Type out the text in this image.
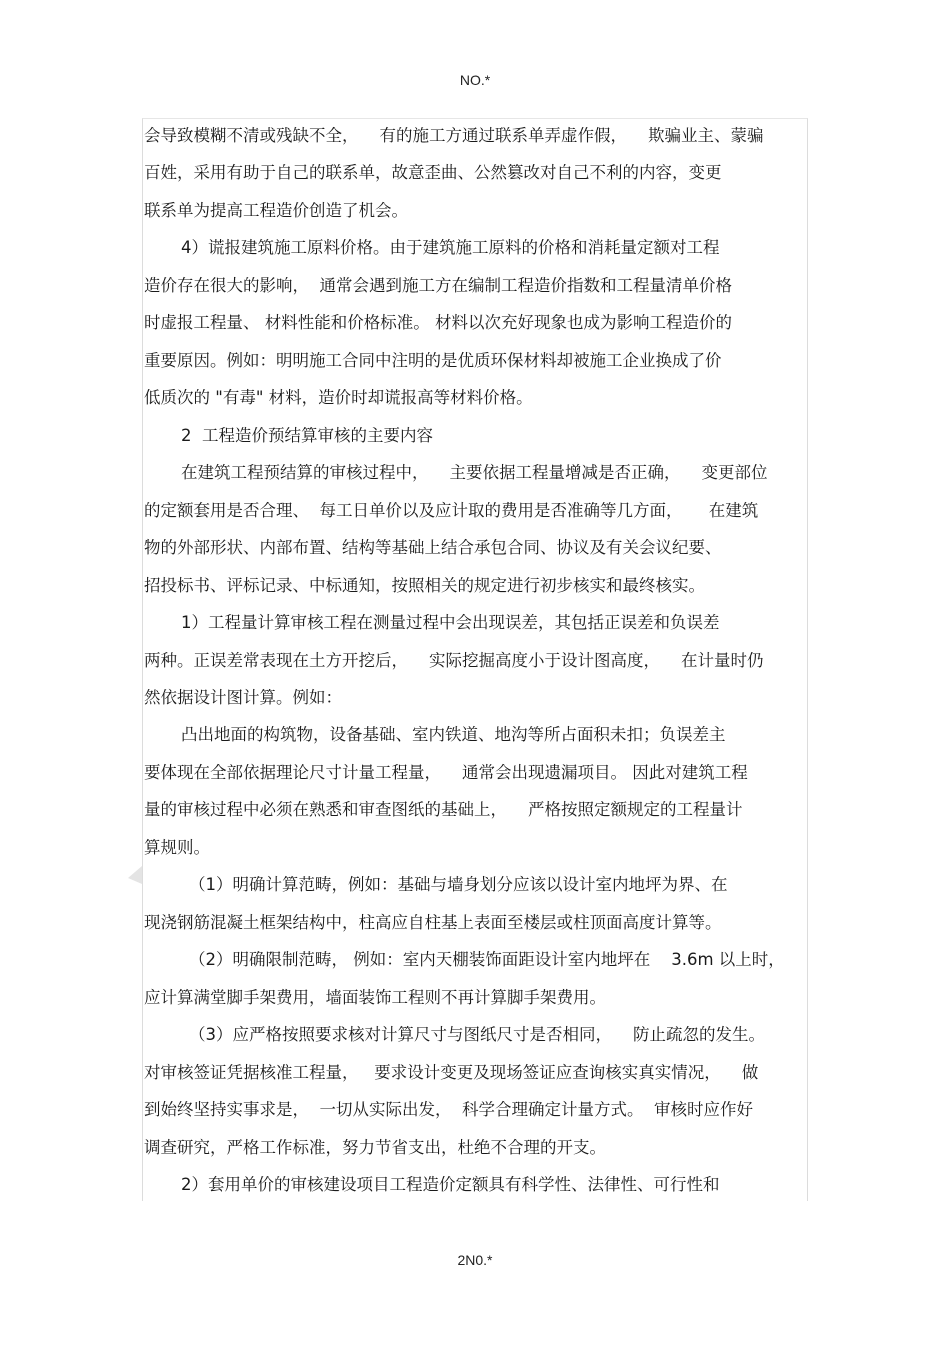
NO.*
会导致模糊不清或残缺不全，    有的施工方通过联系单弄虚作假，    欺骗业主、蒙骗
百姓，采用有助于自己的联系单，故意歪曲、公然篡改对自己不利的内容，变更
联系单为提高工程造价创造了机会。
4）谎报建筑施工原料价格。由于建筑施工原料的价格和消耗量定额对工程
造价存在很大的影响，  通常会遇到施工方在编制工程造价指数和工程量清单价格
时虚报工程量、 材料性能和价格标准。 材料以次充好现象也成为影响工程造价的
重要原因。例如：明明施工合同中注明的是优质环保材料却被施工企业换成了价
低质次的 "有毒" 材料，造价时却谎报高等材料价格。
2  工程造价预结算审核的主要内容
在建筑工程预结算的审核过程中，    主要依据工程量增减是否正确，    变更部位
的定额套用是否合理、  每工日单价以及应计取的费用是否准确等几方面，     在建筑
物的外部形状、内部布置、结构等基础上结合承包合同、协议及有关会议纪要、
招投标书、评标记录、中标通知，按照相关的规定进行初步核实和最终核实。
1）工程量计算审核工程在测量过程中会出现误差，其包括正误差和负误差
两种。正误差常表现在土方开挖后，    实际挖掘高度小于设计图高度，    在计量时仍
然依据设计图计算。例如：
凸出地面的构筑物，设备基础、室内铁道、地沟等所占面积未扣；负误差主
要体现在全部依据理论尺寸计量工程量，    通常会出现遗漏项目。 因此对建筑工程
量的审核过程中必须在熟悉和审查图纸的基础上，    严格按照定额规定的工程量计
算规则。
（1）明确计算范畴，例如：基础与墙身划分应该以设计室内地坪为界、在
现浇钢筋混凝土框架结构中，柱高应自柱基上表面至楼层或柱顶面高度计算等。
（2）明确限制范畴， 例如：室内天棚装饰面距设计室内地坪在    3.6m 以上时，
应计算满堂脚手架费用，墙面装饰工程则不再计算脚手架费用。
（3）应严格按照要求核对计算尺寸与图纸尺寸是否相同，    防止疏忽的发生。
对审核签证凭据核准工程量，   要求设计变更及现场签证应查询核实真实情况，    做
到始终坚持实事求是，  一切从实际出发，  科学合理确定计量方式。  审核时应作好
调查研究，严格工作标准，努力节省支出，杜绝不合理的开支。
2）套用单价的审核建设项目工程造价定额具有科学性、法律性、可行性和
2N0.*
